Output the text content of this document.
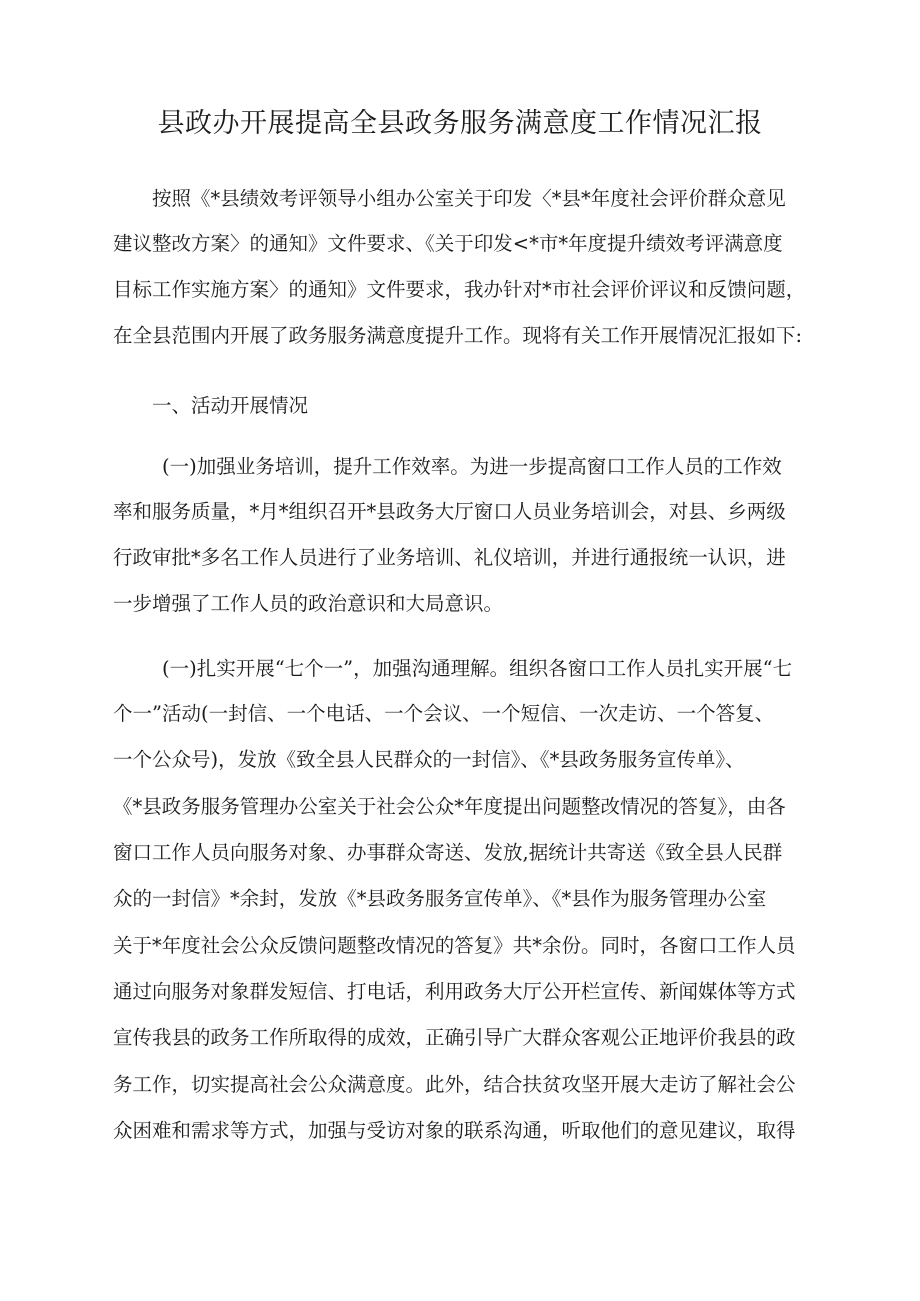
县政办开展提高全县政务服务满意度工作情况汇报
按照《*县绩效考评领导小组办公室关于印发〈*县*年度社会评价群众意见
建议整改方案〉的通知》文件要求、《关于印发<*市*年度提升绩效考评满意度
目标工作实施方案〉的通知》文件要求，我办针对*市社会评价评议和反馈问题，
在全县范围内开展了政务服务满意度提升工作。现将有关工作开展情况汇报如下:
一、活动开展情况
(一)加强业务培训，提升工作效率。为进一步提高窗口工作人员的工作效
率和服务质量，*月*组织召开*县政务大厅窗口人员业务培训会，对县、乡两级
行政审批*多名工作人员进行了业务培训、礼仪培训，并进行通报统一认识，进
一步增强了工作人员的政治意识和大局意识。
(一)扎实开展“七个一”，加强沟通理解。组织各窗口工作人员扎实开展“七
个一”活动(一封信、一个电话、一个会议、一个短信、一次走访、一个答复、
一个公众号)，发放《致全县人民群众的一封信》、《*县政务服务宣传单》、
《*县政务服务管理办公室关于社会公众*年度提出问题整改情况的答复》，由各
窗口工作人员向服务对象、办事群众寄送、发放,据统计共寄送《致全县人民群
众的一封信》*余封，发放《*县政务服务宣传单》、《*县作为服务管理办公室
关于*年度社会公众反馈问题整改情况的答复》共*余份。同时，各窗口工作人员
通过向服务对象群发短信、打电话，利用政务大厅公开栏宣传、新闻媒体等方式
宣传我县的政务工作所取得的成效，正确引导广大群众客观公正地评价我县的政
务工作，切实提高社会公众满意度。此外，结合扶贫攻坚开展大走访了解社会公
众困难和需求等方式，加强与受访对象的联系沟通，听取他们的意见建议，取得
